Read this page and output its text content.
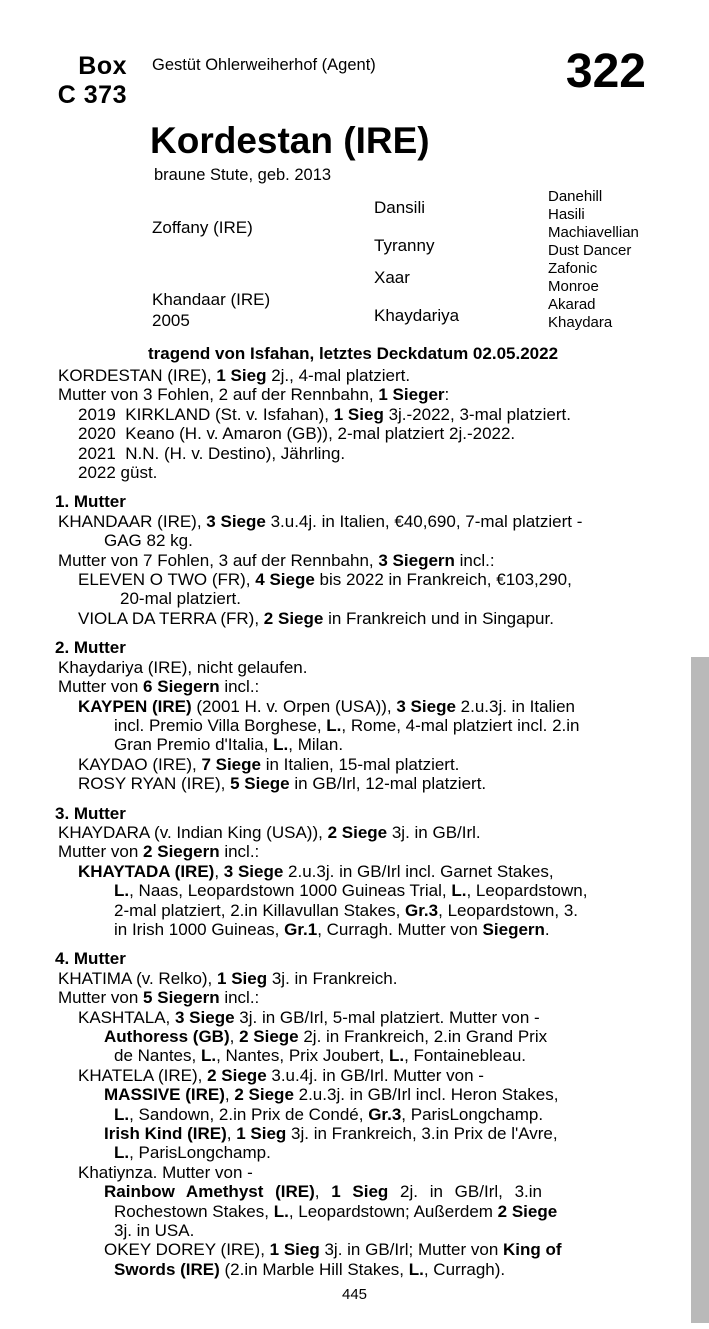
Box
C 373
Gestüt Ohlerweiherhof (Agent)	322
Kordestan (IRE)
braune Stute, geb. 2013
Zoffany (IRE)
Khandaar (IRE)
2005
Dansili
Tyranny
Xaar
Khaydariya
Danehill
Hasili
Machiavellian
Dust Dancer
Zafonic
Monroe
Akarad
Khaydara
tragend von Isfahan, letztes Deckdatum 02.05.2022
KORDESTAN (IRE), 1 Sieg 2j., 4-mal platziert.
Mutter von 3 Fohlen, 2 auf der Rennbahn, 1 Sieger:
2019  KIRKLAND (St. v. Isfahan), 1 Sieg 3j.-2022, 3-mal platziert.
2020  Keano (H. v. Amaron (GB)), 2-mal platziert 2j.-2022.
2021  N.N. (H. v. Destino), Jährling.
2022 güst.
1. Mutter
KHANDAAR (IRE), 3 Siege 3.u.4j. in Italien, €40,690, 7-mal platziert -
GAG 82 kg.
Mutter von 7 Fohlen, 3 auf der Rennbahn, 3 Siegern incl.:
ELEVEN O TWO (FR), 4 Siege bis 2022 in Frankreich, €103,290,
20-mal platziert.
VIOLA DA TERRA (FR), 2 Siege in Frankreich und in Singapur.
2. Mutter
Khaydariya (IRE), nicht gelaufen.
Mutter von 6 Siegern incl.:
KAYPEN (IRE) (2001 H. v. Orpen (USA)), 3 Siege 2.u.3j. in Italien
incl. Premio Villa Borghese, L., Rome, 4-mal platziert incl. 2.in
Gran Premio d'Italia, L., Milan.
KAYDAO (IRE), 7 Siege in Italien, 15-mal platziert.
ROSY RYAN (IRE), 5 Siege in GB/Irl, 12-mal platziert.
3. Mutter
KHAYDARA (v. Indian King (USA)), 2 Siege 3j. in GB/Irl.
Mutter von 2 Siegern incl.:
KHAYTADA (IRE), 3 Siege 2.u.3j. in GB/Irl incl. Garnet Stakes,
L., Naas, Leopardstown 1000 Guineas Trial, L., Leopardstown,
2-mal platziert, 2.in Killavullan Stakes, Gr.3, Leopardstown, 3.
in Irish 1000 Guineas, Gr.1, Curragh. Mutter von Siegern.
4. Mutter
KHATIMA (v. Relko), 1 Sieg 3j. in Frankreich.
Mutter von 5 Siegern incl.:
KASHTALA, 3 Siege 3j. in GB/Irl, 5-mal platziert. Mutter von -
Authoress (GB), 2 Siege 2j. in Frankreich, 2.in Grand Prix
de Nantes, L., Nantes, Prix Joubert, L., Fontainebleau.
KHATELA (IRE), 2 Siege 3.u.4j. in GB/Irl. Mutter von -
MASSIVE (IRE), 2 Siege 2.u.3j. in GB/Irl incl. Heron Stakes,
L., Sandown, 2.in Prix de Condé, Gr.3, ParisLongchamp.
Irish Kind (IRE), 1 Sieg 3j. in Frankreich, 3.in Prix de l'Avre,
L., ParisLongchamp.
Khatiynza. Mutter von -
Rainbow Amethyst (IRE), 1 Sieg 2j. in GB/Irl, 3.in
Rochestown Stakes, L., Leopardstown; Außerdem 2 Siege
3j. in USA.
OKEY DOREY (IRE), 1 Sieg 3j. in GB/Irl; Mutter von King of
Swords (IRE) (2.in Marble Hill Stakes, L., Curragh).
445
